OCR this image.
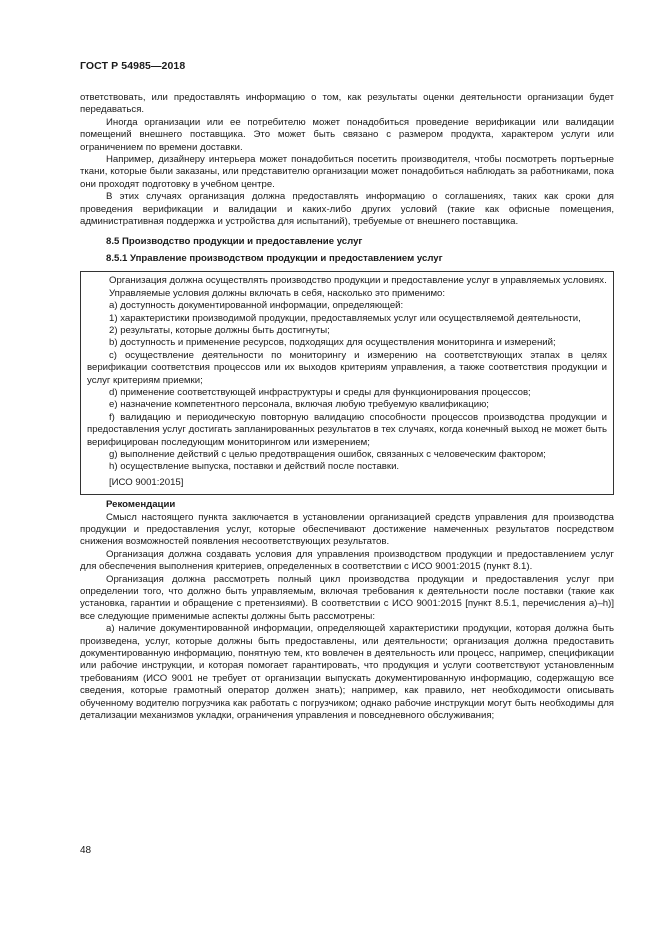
ГОСТ Р 54985—2018

ответствовать, или предоставлять информацию о том, как результаты оценки деятельности организации будет передаваться.

Иногда организации или ее потребителю может понадобиться проведение верификации или валидации помещений внешнего поставщика. Это может быть связано с размером продукта, характером услуги или ограничением по времени доставки.

Например, дизайнеру интерьера может понадобиться посетить производителя, чтобы посмотреть портьерные ткани, которые были заказаны, или представителю организации может понадобиться наблюдать за работниками, пока они проходят подготовку в учебном центре.

В этих случаях организация должна предоставлять информацию о соглашениях, таких как сроки для проведения верификации и валидации и каких-либо других условий (такие как офисные помещения, административная поддержка и устройства для испытаний), требуемые от внешнего поставщика.

8.5 Производство продукции и предоставление услуг

8.5.1 Управление производством продукции и предоставлением услуг

Организация должна осуществлять производство продукции и предоставление услуг в управляемых условиях.

Управляемые условия должны включать в себя, насколько это применимо:

а) доступность документированной информации, определяющей:

1) характеристики производимой продукции, предоставляемых услуг или осуществляемой деятельности,

2) результаты, которые должны быть достигнуты;

b) доступность и применение ресурсов, подходящих для осуществления мониторинга и измерений;

c) осуществление деятельности по мониторингу и измерению на соответствующих этапах в целях верификации соответствия процессов или их выходов критериям управления, а также соответствия продукции и услуг критериям приемки;

d) применение соответствующей инфраструктуры и среды для функционирования процессов;

e) назначение компетентного персонала, включая любую требуемую квалификацию;

f) валидацию и периодическую повторную валидацию способности процессов производства продукции и предоставления услуг достигать запланированных результатов в тех случаях, когда конечный выход не может быть верифицирован последующим мониторингом или измерением;

g) выполнение действий с целью предотвращения ошибок, связанных с человеческим фактором;

h) осуществление выпуска, поставки и действий после поставки.

[ИСО 9001:2015]

Рекомендации

Смысл настоящего пункта заключается в установлении организацией средств управления для производства продукции и предоставления услуг, которые обеспечивают достижение намеченных результатов посредством снижения возможностей появления несоответствующих результатов.

Организация должна создавать условия для управления производством продукции и предоставлением услуг для обеспечения выполнения критериев, определенных в соответствии с ИСО 9001:2015 (пункт 8.1).

Организация должна рассмотреть полный цикл производства продукции и предоставления услуг при определении того, что должно быть управляемым, включая требования к деятельности после поставки (такие как установка, гарантии и обращение с претензиями). В соответствии с ИСО 9001:2015 [пункт 8.5.1, перечисления а)–h)] все следующие применимые аспекты должны быть рассмотрены:

а) наличие документированной информации, определяющей характеристики продукции, которая должна быть произведена, услуг, которые должны быть предоставлены, или деятельности; организация должна предоставить документированную информацию, понятную тем, кто вовлечен в деятельность или процесс, например, спецификации или рабочие инструкции, и которая помогает гарантировать, что продукция и услуги соответствуют установленным требованиям (ИСО 9001 не требует от организации выпускать документированную информацию, содержащую все сведения, которые грамотный оператор должен знать); например, как правило, нет необходимости описывать обученному водителю погрузчика как работать с погрузчиком; однако рабочие инструкции могут быть необходимы для детализации механизмов укладки, ограничения управления и повседневного обслуживания;

48
